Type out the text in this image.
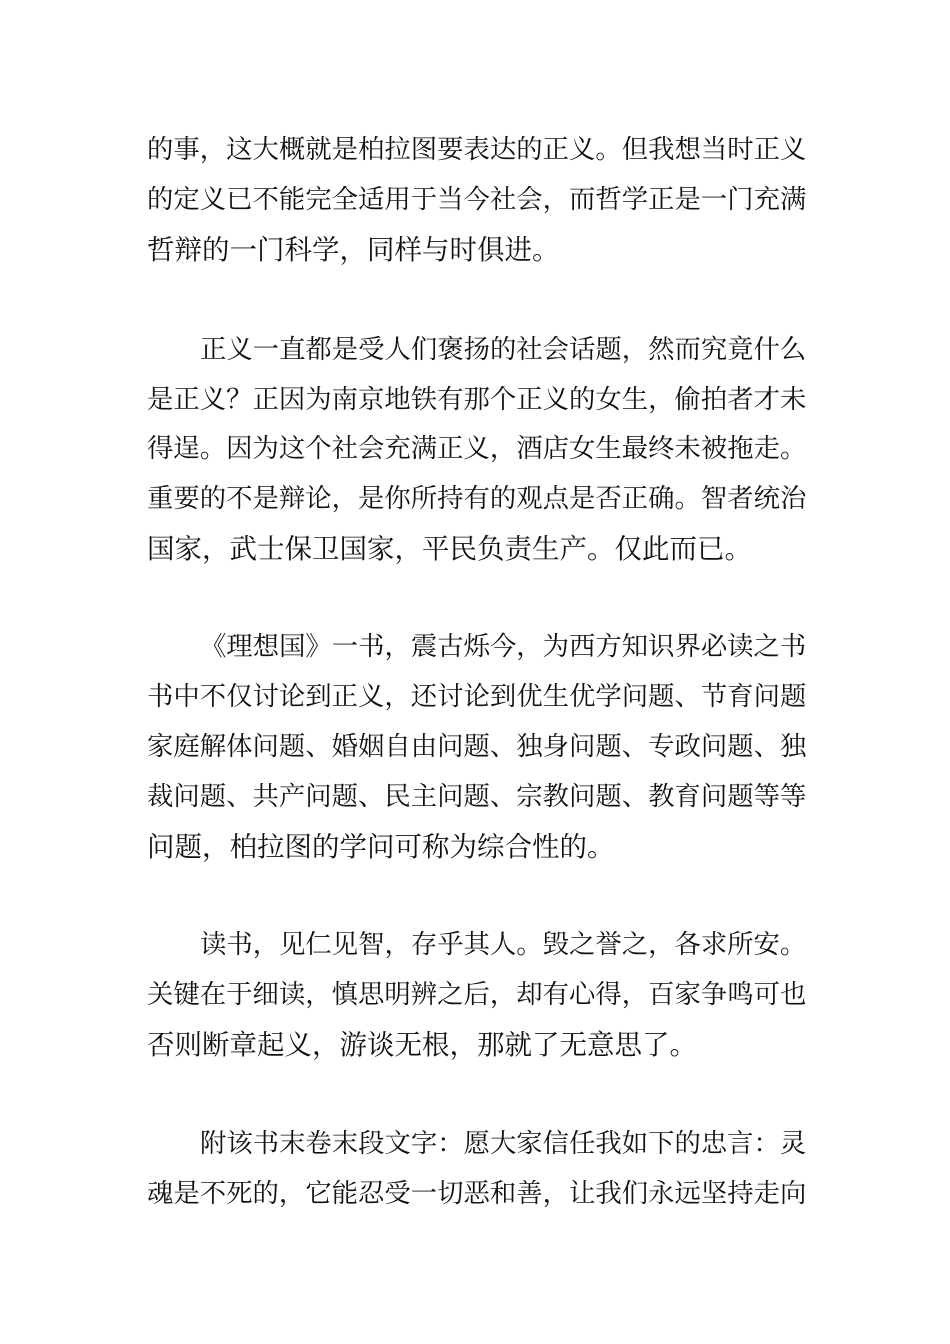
的事，这大概就是柏拉图要表达的正义。但我想当时正义
的定义已不能完全适用于当今社会，而哲学正是一门充满
哲辩的一门科学，同样与时俱进。
正义一直都是受人们褒扬的社会话题，然而究竟什么
是正义？正因为南京地铁有那个正义的女生，偷拍者才未
得逞。因为这个社会充满正义，酒店女生最终未被拖走。
重要的不是辩论，是你所持有的观点是否正确。智者统治
国家，武士保卫国家，平民负责生产。仅此而已。
《理想国》一书，震古烁今，为西方知识界必读之书
书中不仅讨论到正义，还讨论到优生优学问题、节育问题
家庭解体问题、婚姻自由问题、独身问题、专政问题、独
裁问题、共产问题、民主问题、宗教问题、教育问题等等
问题，柏拉图的学问可称为综合性的。
读书，见仁见智，存乎其人。毁之誉之，各求所安。
关键在于细读，慎思明辨之后，却有心得，百家争鸣可也
否则断章起义，游谈无根，那就了无意思了。
附该书末卷末段文字：愿大家信任我如下的忠言：灵
魂是不死的，它能忍受一切恶和善，让我们永远坚持走向
